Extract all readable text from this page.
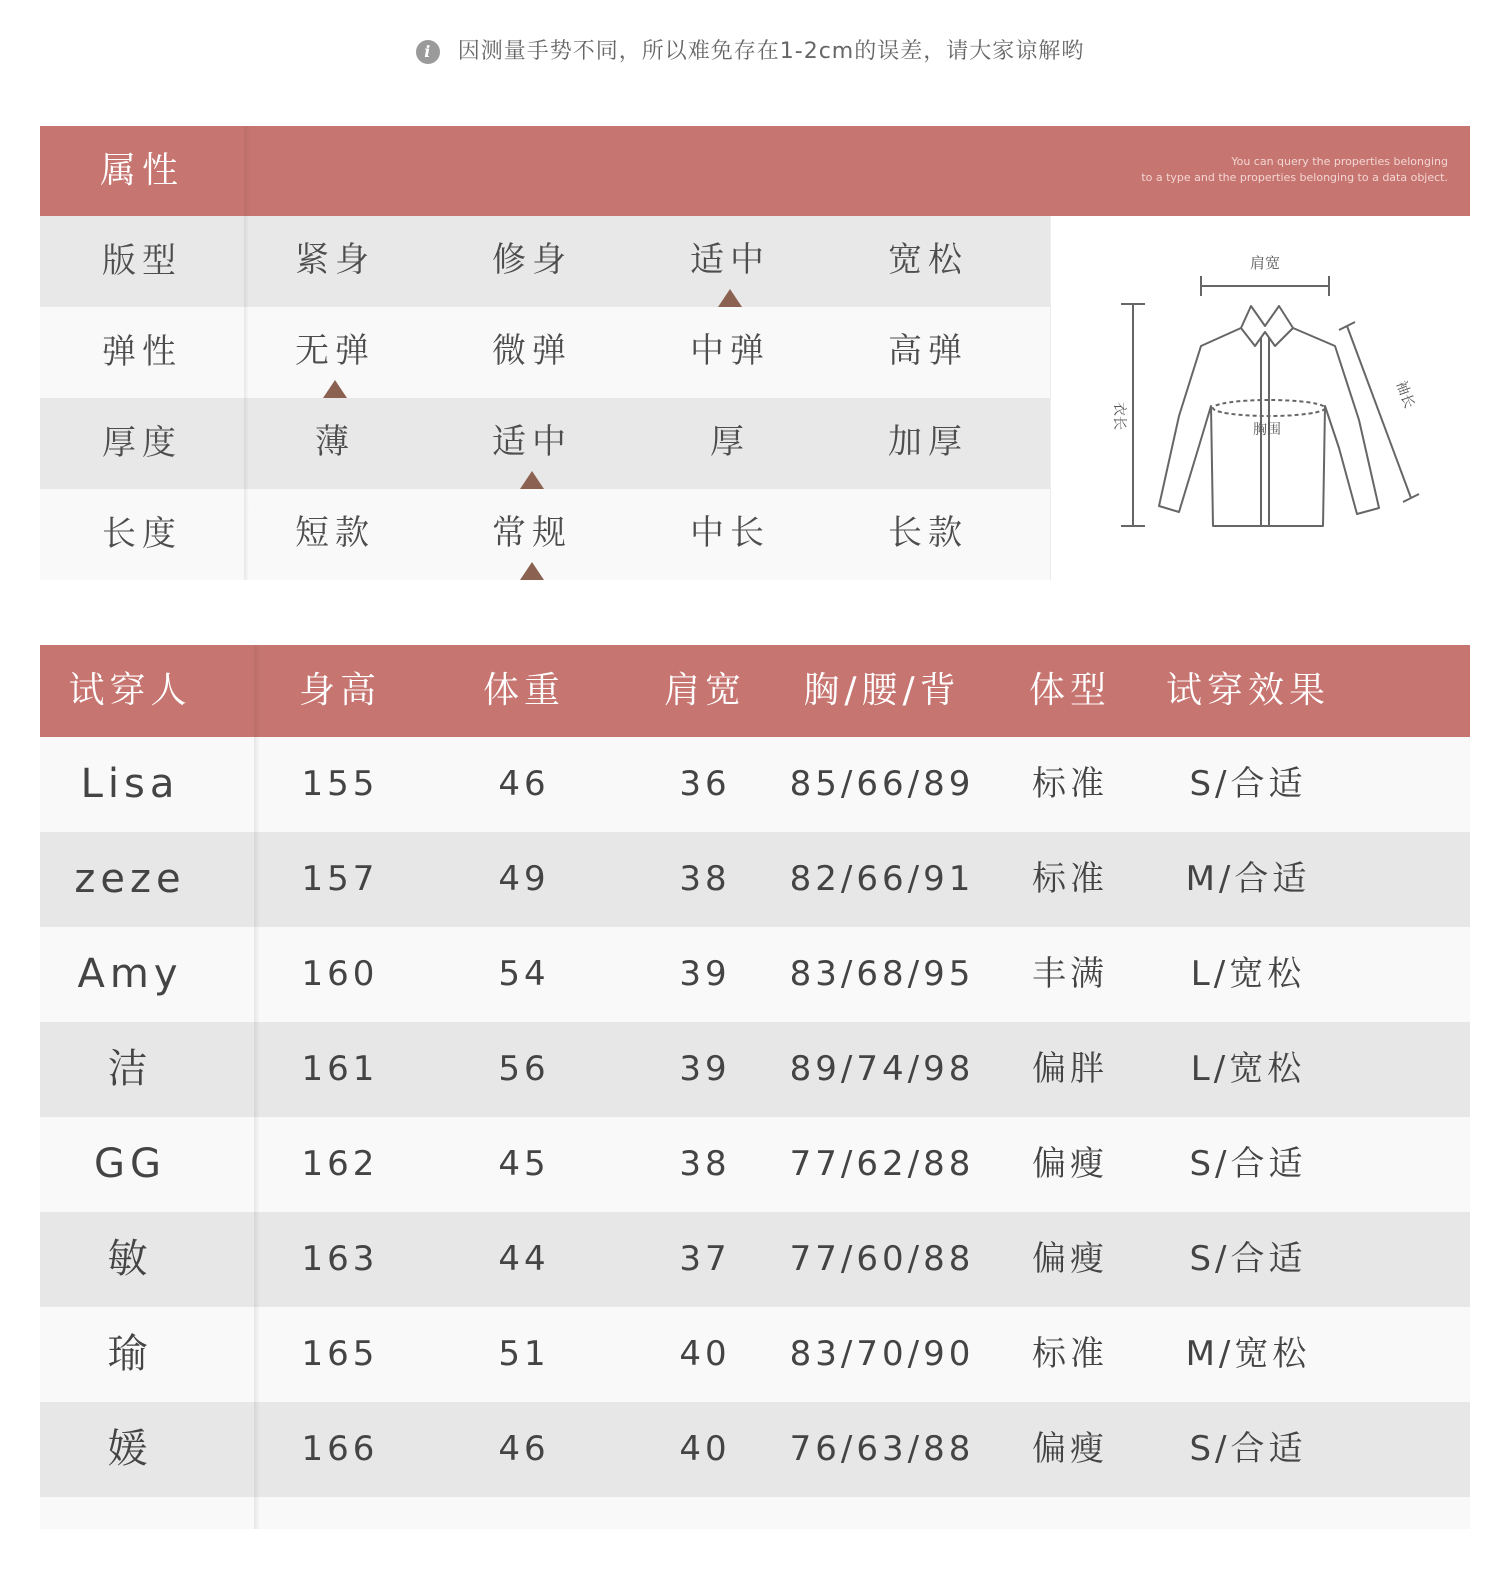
i 因测量手势不同，所以难免存在1-2cm的误差，请大家谅解哟
属性	You can query the properties belonging
to a type and the properties belonging to a data object.
版型	紧身	修身	适中	宽松
弹性	无弹	微弹	中弹	高弹
厚度	薄	适中	厚	加厚
长度	短款	常规	中长	长款
肩宽
衣长
袖长
胸围
试穿人	身高	体重	肩宽	胸/腰/背	体型	试穿效果
Lisa	155	46	36	85/66/89	标准	S/合适
zeze	157	49	38	82/66/91	标准	M/合适
Amy	160	54	39	83/68/95	丰满	L/宽松
洁	161	56	39	89/74/98	偏胖	L/宽松
GG	162	45	38	77/62/88	偏瘦	S/合适
敏	163	44	37	77/60/88	偏瘦	S/合适
瑜	165	51	40	83/70/90	标准	M/宽松
媛	166	46	40	76/63/88	偏瘦	S/合适
